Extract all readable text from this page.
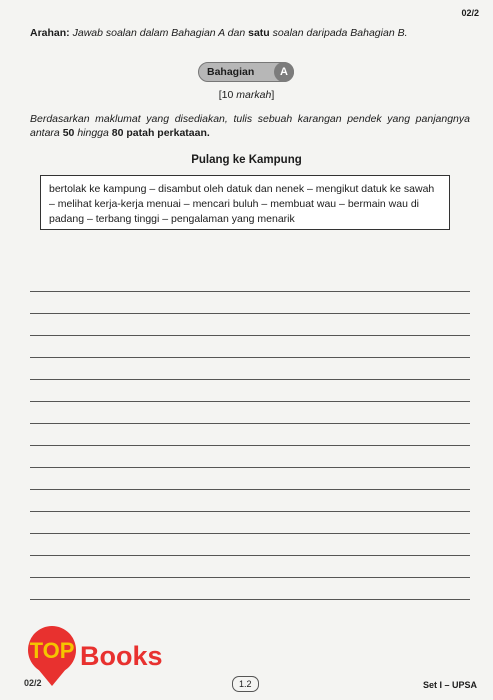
02/2
Arahan: Jawab soalan dalam Bahagian A dan satu soalan daripada Bahagian B.
Bahagian	A
[10 markah]
Berdasarkan maklumat yang disediakan, tulis sebuah karangan pendek yang panjangnya antara 50 hingga 80 patah perkataan.
Pulang ke Kampung
bertolak ke kampung – disambut oleh datuk dan nenek – mengikut datuk ke sawah – melihat kerja-kerja menuai – mencari buluh – membuat wau – bermain wau di padang – terbang tinggi – pengalaman yang menarik
TOP Books
02/2	1.2	Set I – UPSA
